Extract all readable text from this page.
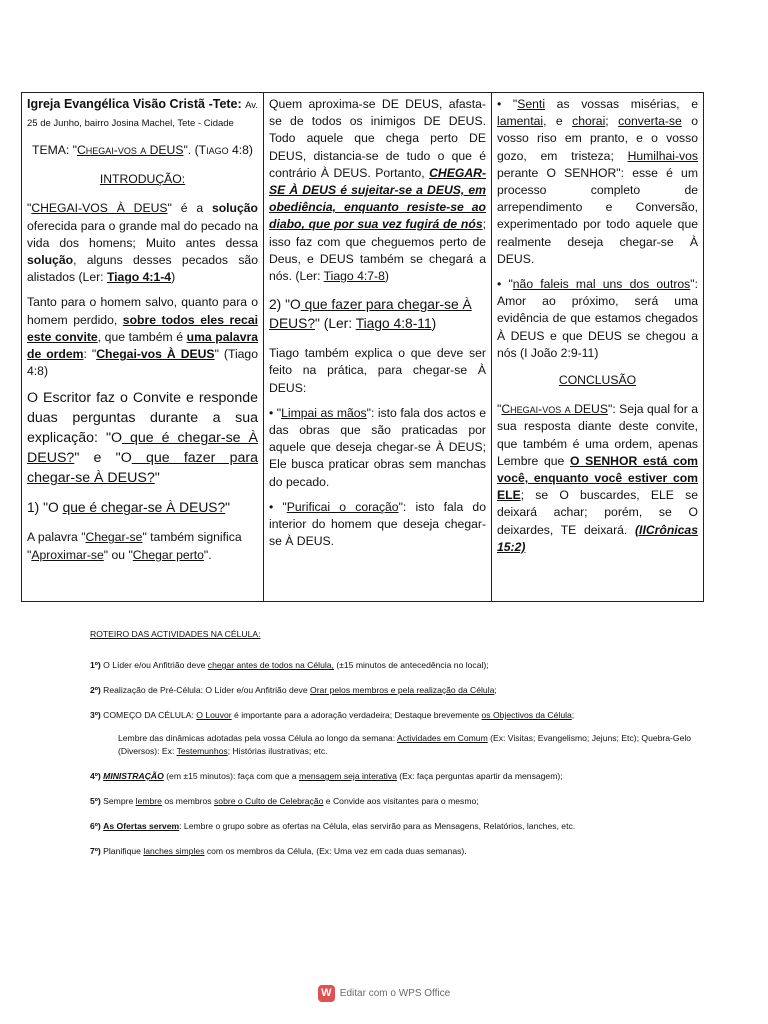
Igreja Evangélica Visão Cristã -Tete: Av. 25 de Junho, bairro Josina Machel, Tete - Cidade

TEMA: "Chegai-vos a DEUS". (Tiago 4:8)

INTRODUÇÃO:

"CHEGAI-VOS À DEUS" é a solução oferecida para o grande mal do pecado na vida dos homens; Muito antes dessa solução, alguns desses pecados são alistados (Ler: Tiago 4:1-4)

Tanto para o homem salvo, quanto para o homem perdido, sobre todos eles recai este convite, que também é uma palavra de ordem: "Chegai-vos À DEUS" (Tiago 4:8)

O Escritor faz o Convite e responde duas perguntas durante a sua explicação: "O que é chegar-se À DEUS?" e "O que fazer para chegar-se À DEUS?"

1) "O que é chegar-se À DEUS?"

A palavra "Chegar-se" também significa "Aproximar-se" ou "Chegar perto".

Quem aproxima-se DE DEUS, afasta-se de todos os inimigos DE DEUS. Todo aquele que chega perto DE DEUS, distancia-se de tudo o que é contrário À DEUS. Portanto, CHEGAR-SE À DEUS é sujeitar-se a DEUS, em obediência, enquanto resiste-se ao diabo, que por sua vez fugirá de nós; isso faz com que cheguemos perto de Deus, e DEUS também se chegará a nós. (Ler: Tiago 4:7-8)

2) "O que fazer para chegar-se À DEUS?" (Ler: Tiago 4:8-11)

Tiago também explica o que deve ser feito na prática, para chegar-se À DEUS:

• "Limpai as mãos": isto fala dos actos e das obras que são praticadas por aquele que deseja chegar-se À DEUS; Ele busca praticar obras sem manchas do pecado.

• "Purificai o coração": isto fala do interior do homem que deseja chegar-se À DEUS.

• "Senti as vossas misérias, e lamentai, e chorai; converta-se o vosso riso em pranto, e o vosso gozo, em tristeza; Humilhai-vos perante O SENHOR": esse é um processo completo de arrependimento e Conversão, experimentado por todo aquele que realmente deseja chegar-se À DEUS.

• "não faleis mal uns dos outros": Amor ao próximo, será uma evidência de que estamos chegados À DEUS e que DEUS se chegou a nós (I João 2:9-11)

CONCLUSÃO

"Chegai-vos a DEUS": Seja qual for a sua resposta diante deste convite, que também é uma ordem, apenas Lembre que O SENHOR está com você, enquanto você estiver com ELE; se O buscardes, ELE se deixará achar; porém, se O deixardes, TE deixará. (IICrônicas 15:2)

ROTEIRO DAS ACTIVIDADES NA CÉLULA:

1º) O Líder e/ou Anfitrião deve chegar antes de todos na Célula, (±15 minutos de antecedência no local);

2º) Realização de Pré-Célula: O Líder e/ou Anfitrião deve Orar pelos membros e pela realização da Célula;

3º) COMEÇO DA CÉLULA: O Louvor é importante para a adoração verdadeira; Destaque brevemente os Objectivos da Célula;

Lembre das dinâmicas adotadas pela vossa Célula ao longo da semana: Actividades em Comum (Ex: Visitas; Evangelismo; Jejuns; Etc); Quebra-Gelo (Diversos): Ex: Testemunhos; Histórias ilustrativas; etc.

4º) MINISTRAÇÃO (em ±15 minutos): faça com que a mensagem seja interativa (Ex: faça perguntas apartir da mensagem);

5º) Sempre lembre os membros sobre o Culto de Celebração e Convide aos visitantes para o mesmo;

6º) As Ofertas servem: Lembre o grupo sobre as ofertas na Célula, elas servirão para as Mensagens, Relatórios, lanches, etc.

7º) Planifique lanches simples com os membros da Célula, (Ex: Uma vez em cada duas semanas).

W Editar com o WPS Office
